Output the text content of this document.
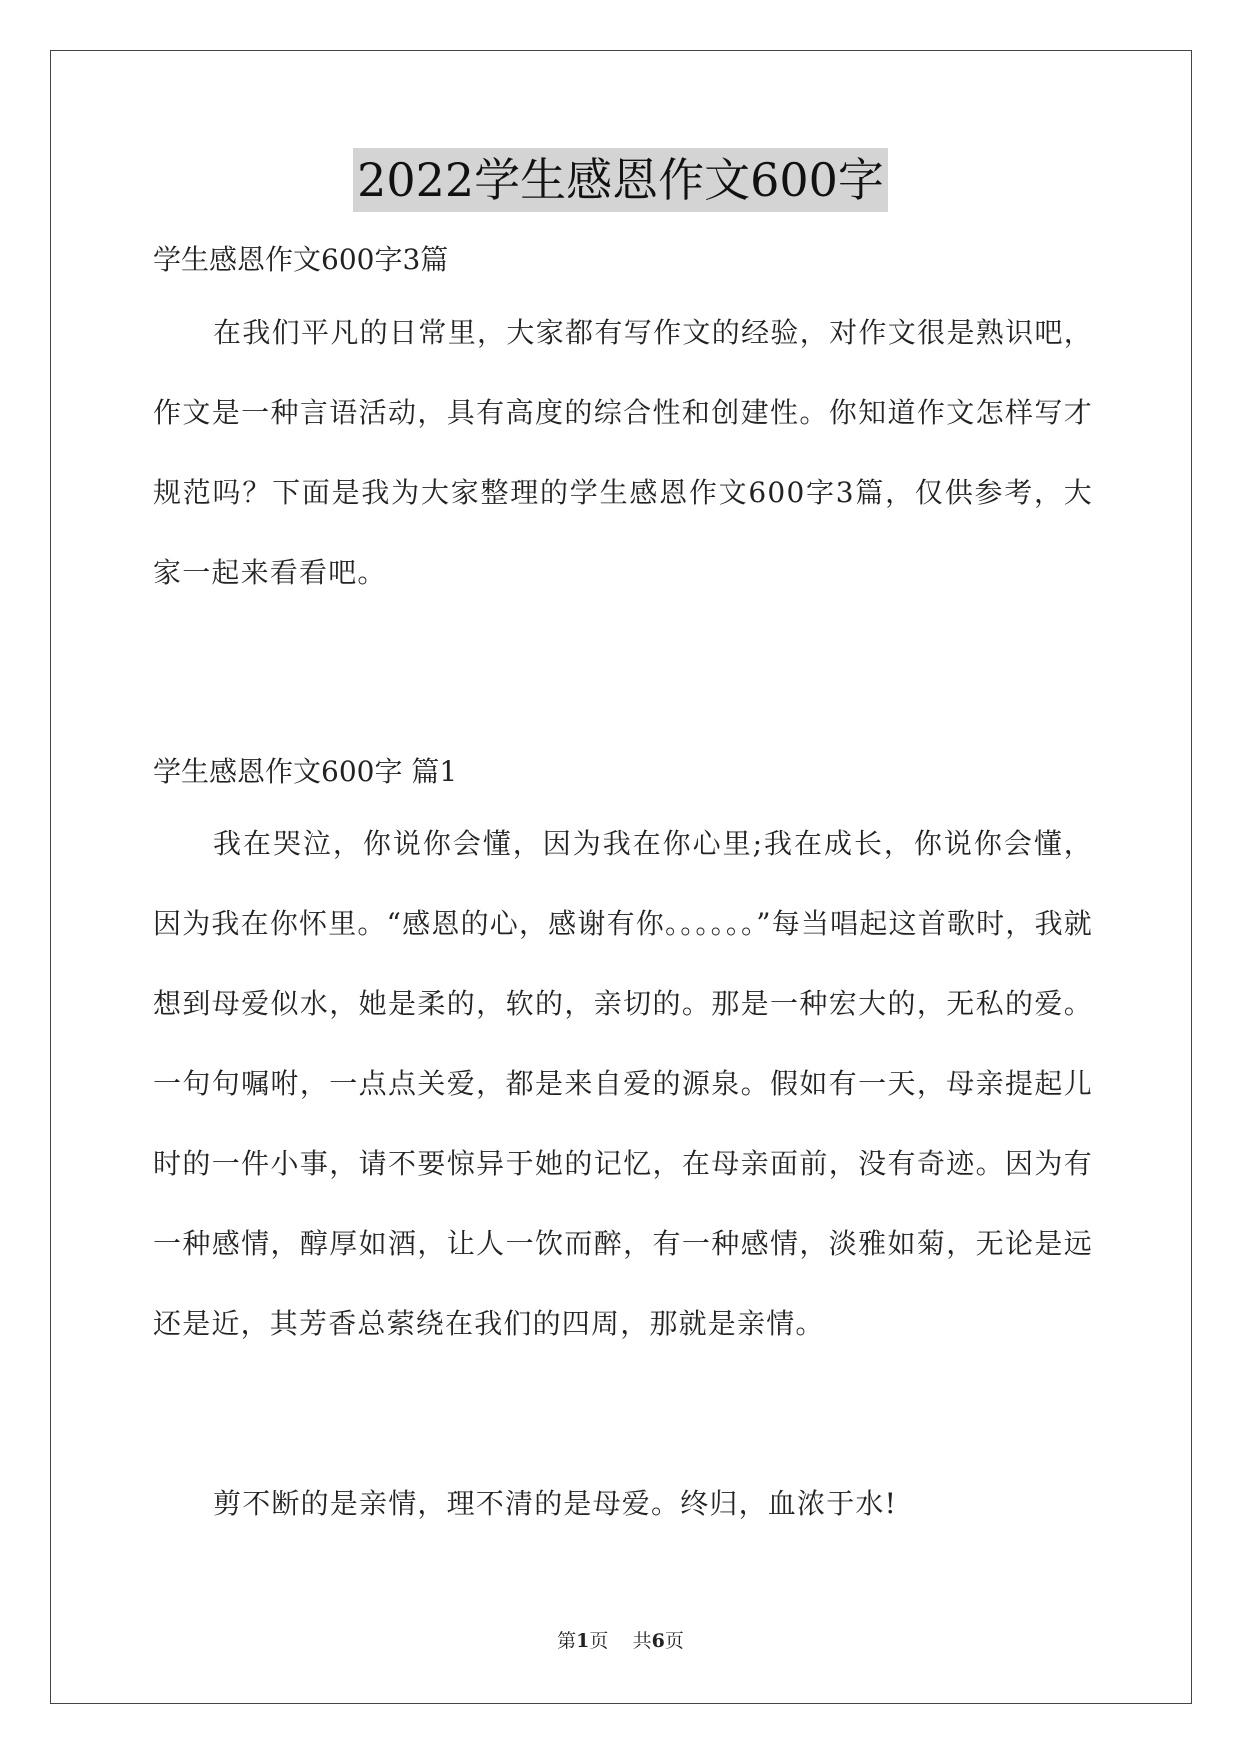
2022学生感恩作文600字
学生感恩作文600字3篇
在我们平凡的日常里，大家都有写作文的经验，对作文很是熟识吧，作文是一种言语活动，具有高度的综合性和创建性。你知道作文怎样写才规范吗？下面是我为大家整理的学生感恩作文600字3篇，仅供参考，大家一起来看看吧。
学生感恩作文600字 篇1
我在哭泣，你说你会懂，因为我在你心里;我在成长，你说你会懂，因为我在你怀里。“感恩的心，感谢有你。。。。。。”每当唱起这首歌时，我就想到母爱似水，她是柔的，软的，亲切的。那是一种宏大的，无私的爱。一句句嘱咐，一点点关爱，都是来自爱的源泉。假如有一天，母亲提起儿时的一件小事，请不要惊异于她的记忆，在母亲面前，没有奇迹。因为有一种感情，醇厚如酒，让人一饮而醉，有一种感情，淡雅如菊，无论是远还是近，其芳香总萦绕在我们的四周，那就是亲情。
剪不断的是亲情，理不清的是母爱。终归，血浓于水!
第1页    共6页
